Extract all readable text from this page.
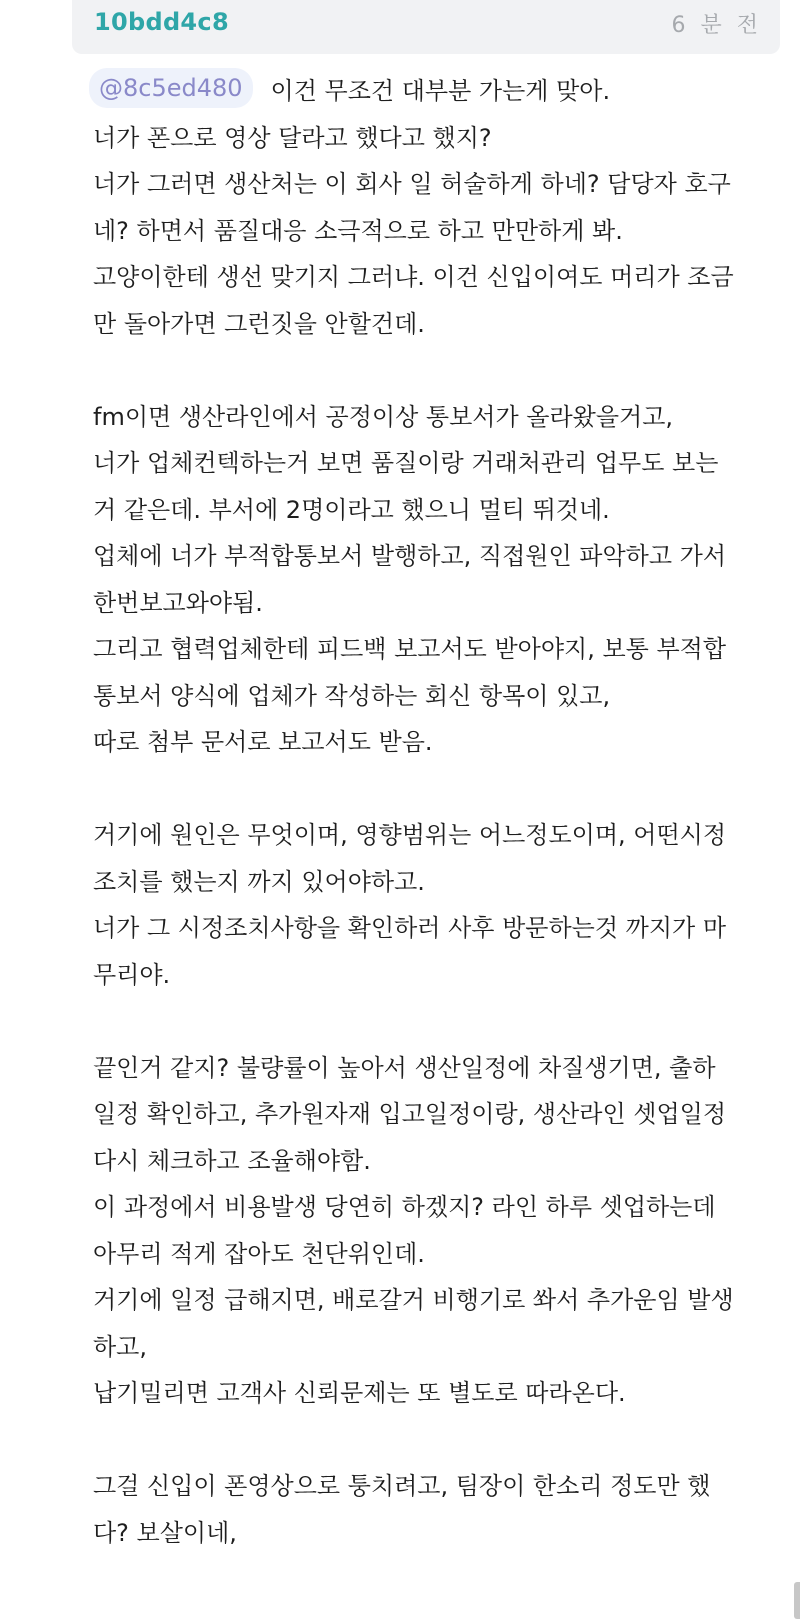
10bdd4c8	6 분 전
@8c5ed480 이건 무조건 대부분 가는게 맞아.
너가 폰으로 영상 달라고 했다고 했지?
너가 그러면 생산처는 이 회사 일 허술하게 하네? 담당자 호구
네? 하면서 품질대응 소극적으로 하고 만만하게 봐.
고양이한테 생선 맞기지 그러냐. 이건 신입이여도 머리가 조금
만 돌아가면 그런짓을 안할건데.
fm이면 생산라인에서 공정이상 통보서가 올라왔을거고,
너가 업체컨텍하는거 보면 품질이랑 거래처관리 업무도 보는
거 같은데. 부서에 2명이라고 했으니 멀티 뛰것네.
업체에 너가 부적합통보서 발행하고, 직접원인 파악하고 가서
한번보고와야됨.
그리고 협력업체한테 피드백 보고서도 받아야지, 보통 부적합
통보서 양식에 업체가 작성하는 회신 항목이 있고,
따로 첨부 문서로 보고서도 받음.
거기에 원인은 무엇이며, 영향범위는 어느정도이며, 어떤시정
조치를 했는지 까지 있어야하고.
너가 그 시정조치사항을 확인하러 사후 방문하는것 까지가 마
무리야.
끝인거 같지? 불량률이 높아서 생산일정에 차질생기면, 출하
일정 확인하고, 추가원자재 입고일정이랑, 생산라인 셋업일정
다시 체크하고 조율해야함.
이 과정에서 비용발생 당연히 하겠지? 라인 하루 셋업하는데
아무리 적게 잡아도 천단위인데.
거기에 일정 급해지면, 배로갈거 비행기로 쏴서 추가운임 발생
하고,
납기밀리면 고객사 신뢰문제는 또 별도로 따라온다.
그걸 신입이 폰영상으로 퉁치려고, 팀장이 한소리 정도만 했
다? 보살이네,
